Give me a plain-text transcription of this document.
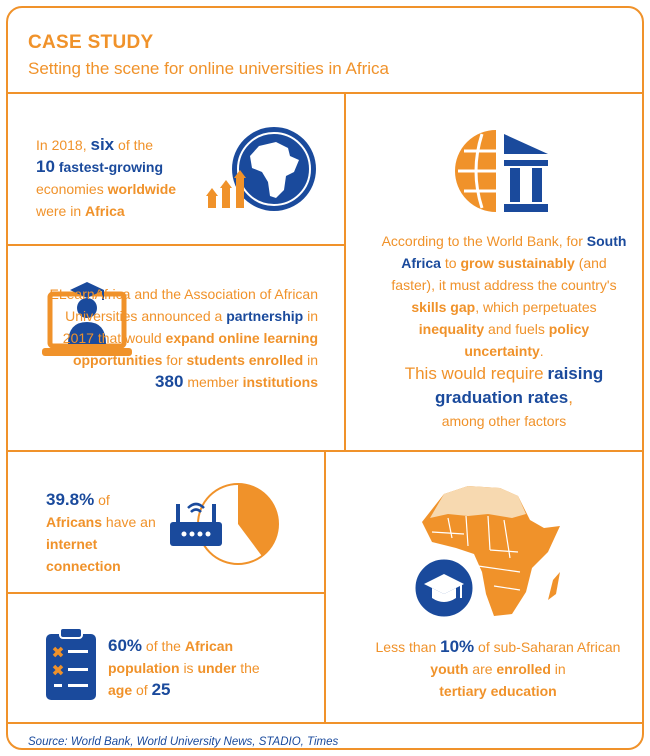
CASE STUDY
Setting the scene for online universities in Africa
In 2018, six of the
10 fastest-growing
economies worldwide
were in Africa
ELearnAfrica and the Association of African Universities announced a partnership in 2017 that would expand online learning opportunities for students enrolled in 380 member institutions
According to the World Bank, for South Africa to grow sustainably (and faster), it must address the country's skills gap, which perpetuates inequality and fuels policy uncertainty.
This would require raising graduation rates,
among other factors
39.8% of
Africans have an
internet connection
60% of the African population is under the age of 25
Less than 10% of sub-Saharan African
youth are enrolled in
tertiary education
Source: World Bank, World University News, STADIO, Times
